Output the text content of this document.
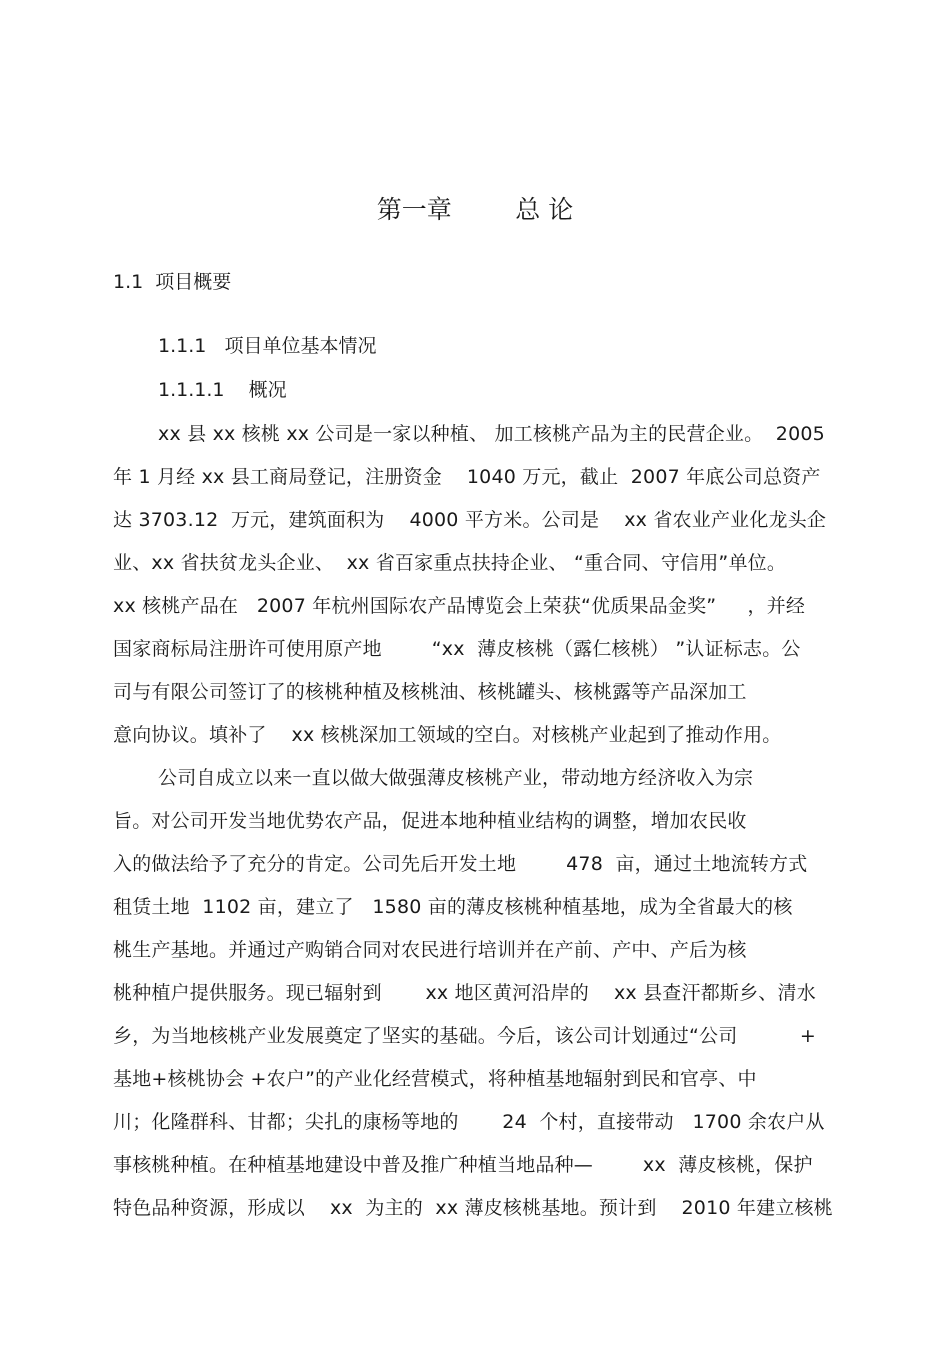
第一章        总 论
1.1  项目概要
1.1.1   项目单位基本情况
1.1.1.1    概况
xx 县 xx 核桃 xx 公司是一家以种植、 加工核桃产品为主的民营企业。  2005
年 1 月经 xx 县工商局登记，注册资金    1040 万元，截止  2007 年底公司总资产
达 3703.12  万元，建筑面积为    4000 平方米。公司是    xx 省农业产业化龙头企
业、xx 省扶贫龙头企业、  xx 省百家重点扶持企业、 “重合同、守信用”单位。
xx 核桃产品在   2007 年杭州国际农产品博览会上荣获“优质果品金奖”     ，并经
国家商标局注册许可使用原产地        “xx  薄皮核桃（露仁核桃） ”认证标志。公
司与有限公司签订了的核桃种植及核桃油、核桃罐头、核桃露等产品深加工
意向协议。填补了    xx 核桃深加工领域的空白。对核桃产业起到了推动作用。
公司自成立以来一直以做大做强薄皮核桃产业，带动地方经济收入为宗
旨。对公司开发当地优势农产品，促进本地种植业结构的调整，增加农民收
入的做法给予了充分的肯定。公司先后开发土地        478  亩，通过土地流转方式
租赁土地  1102 亩，建立了   1580 亩的薄皮核桃种植基地，成为全省最大的核
桃生产基地。并通过产购销合同对农民进行培训并在产前、产中、产后为核
桃种植户提供服务。现已辐射到       xx 地区黄河沿岸的    xx 县查汗都斯乡、清水
乡，为当地核桃产业发展奠定了坚实的基础。今后，该公司计划通过“公司          +
基地+核桃协会 +农户”的产业化经营模式，将种植基地辐射到民和官亭、中
川；化隆群科、甘都；尖扎的康杨等地的       24  个村，直接带动   1700 余农户从
事核桃种植。在种植基地建设中普及推广种植当地品种—        xx  薄皮核桃，保护
特色品种资源，形成以    xx  为主的  xx 薄皮核桃基地。预计到    2010 年建立核桃
